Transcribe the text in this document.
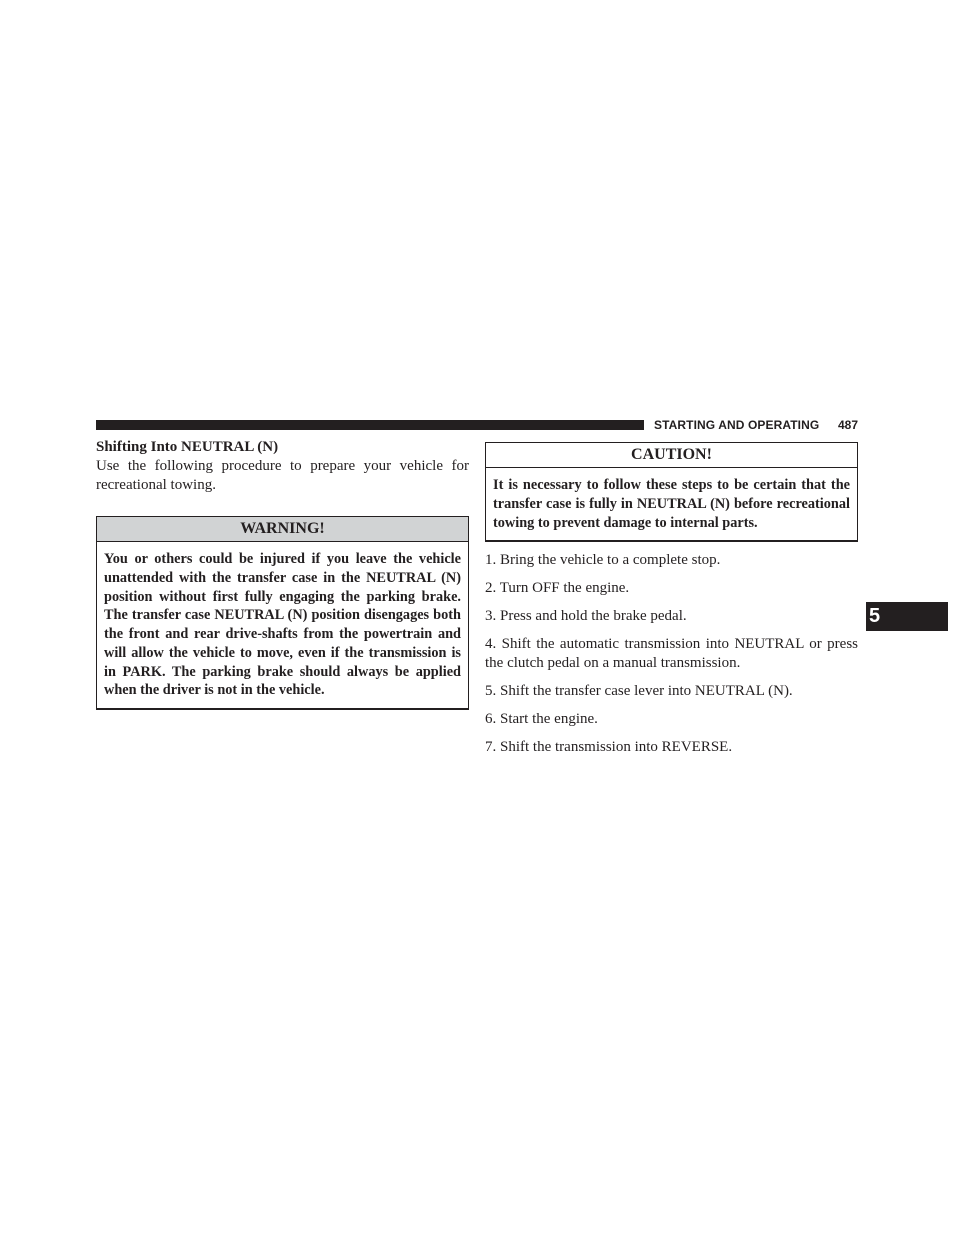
STARTING AND OPERATING 487
5

Shifting Into NEUTRAL (N)

Use the following procedure to prepare your vehicle for recreational towing.

WARNING!
You or others could be injured if you leave the vehicle unattended with the transfer case in the NEUTRAL (N) position without first fully engaging the parking brake. The transfer case NEUTRAL (N) position disengages both the front and rear drive-shafts from the powertrain and will allow the vehicle to move, even if the transmission is in PARK. The parking brake should always be applied when the driver is not in the vehicle.
CAUTION!
It is necessary to follow these steps to be certain that the transfer case is fully in NEUTRAL (N) before recreational towing to prevent damage to internal parts.
1. Bring the vehicle to a complete stop.
2. Turn OFF the engine.
3. Press and hold the brake pedal.
4. Shift the automatic transmission into NEUTRAL or press the clutch pedal on a manual transmission.
5. Shift the transfer case lever into NEUTRAL (N).
6. Start the engine.
7. Shift the transmission into REVERSE.
